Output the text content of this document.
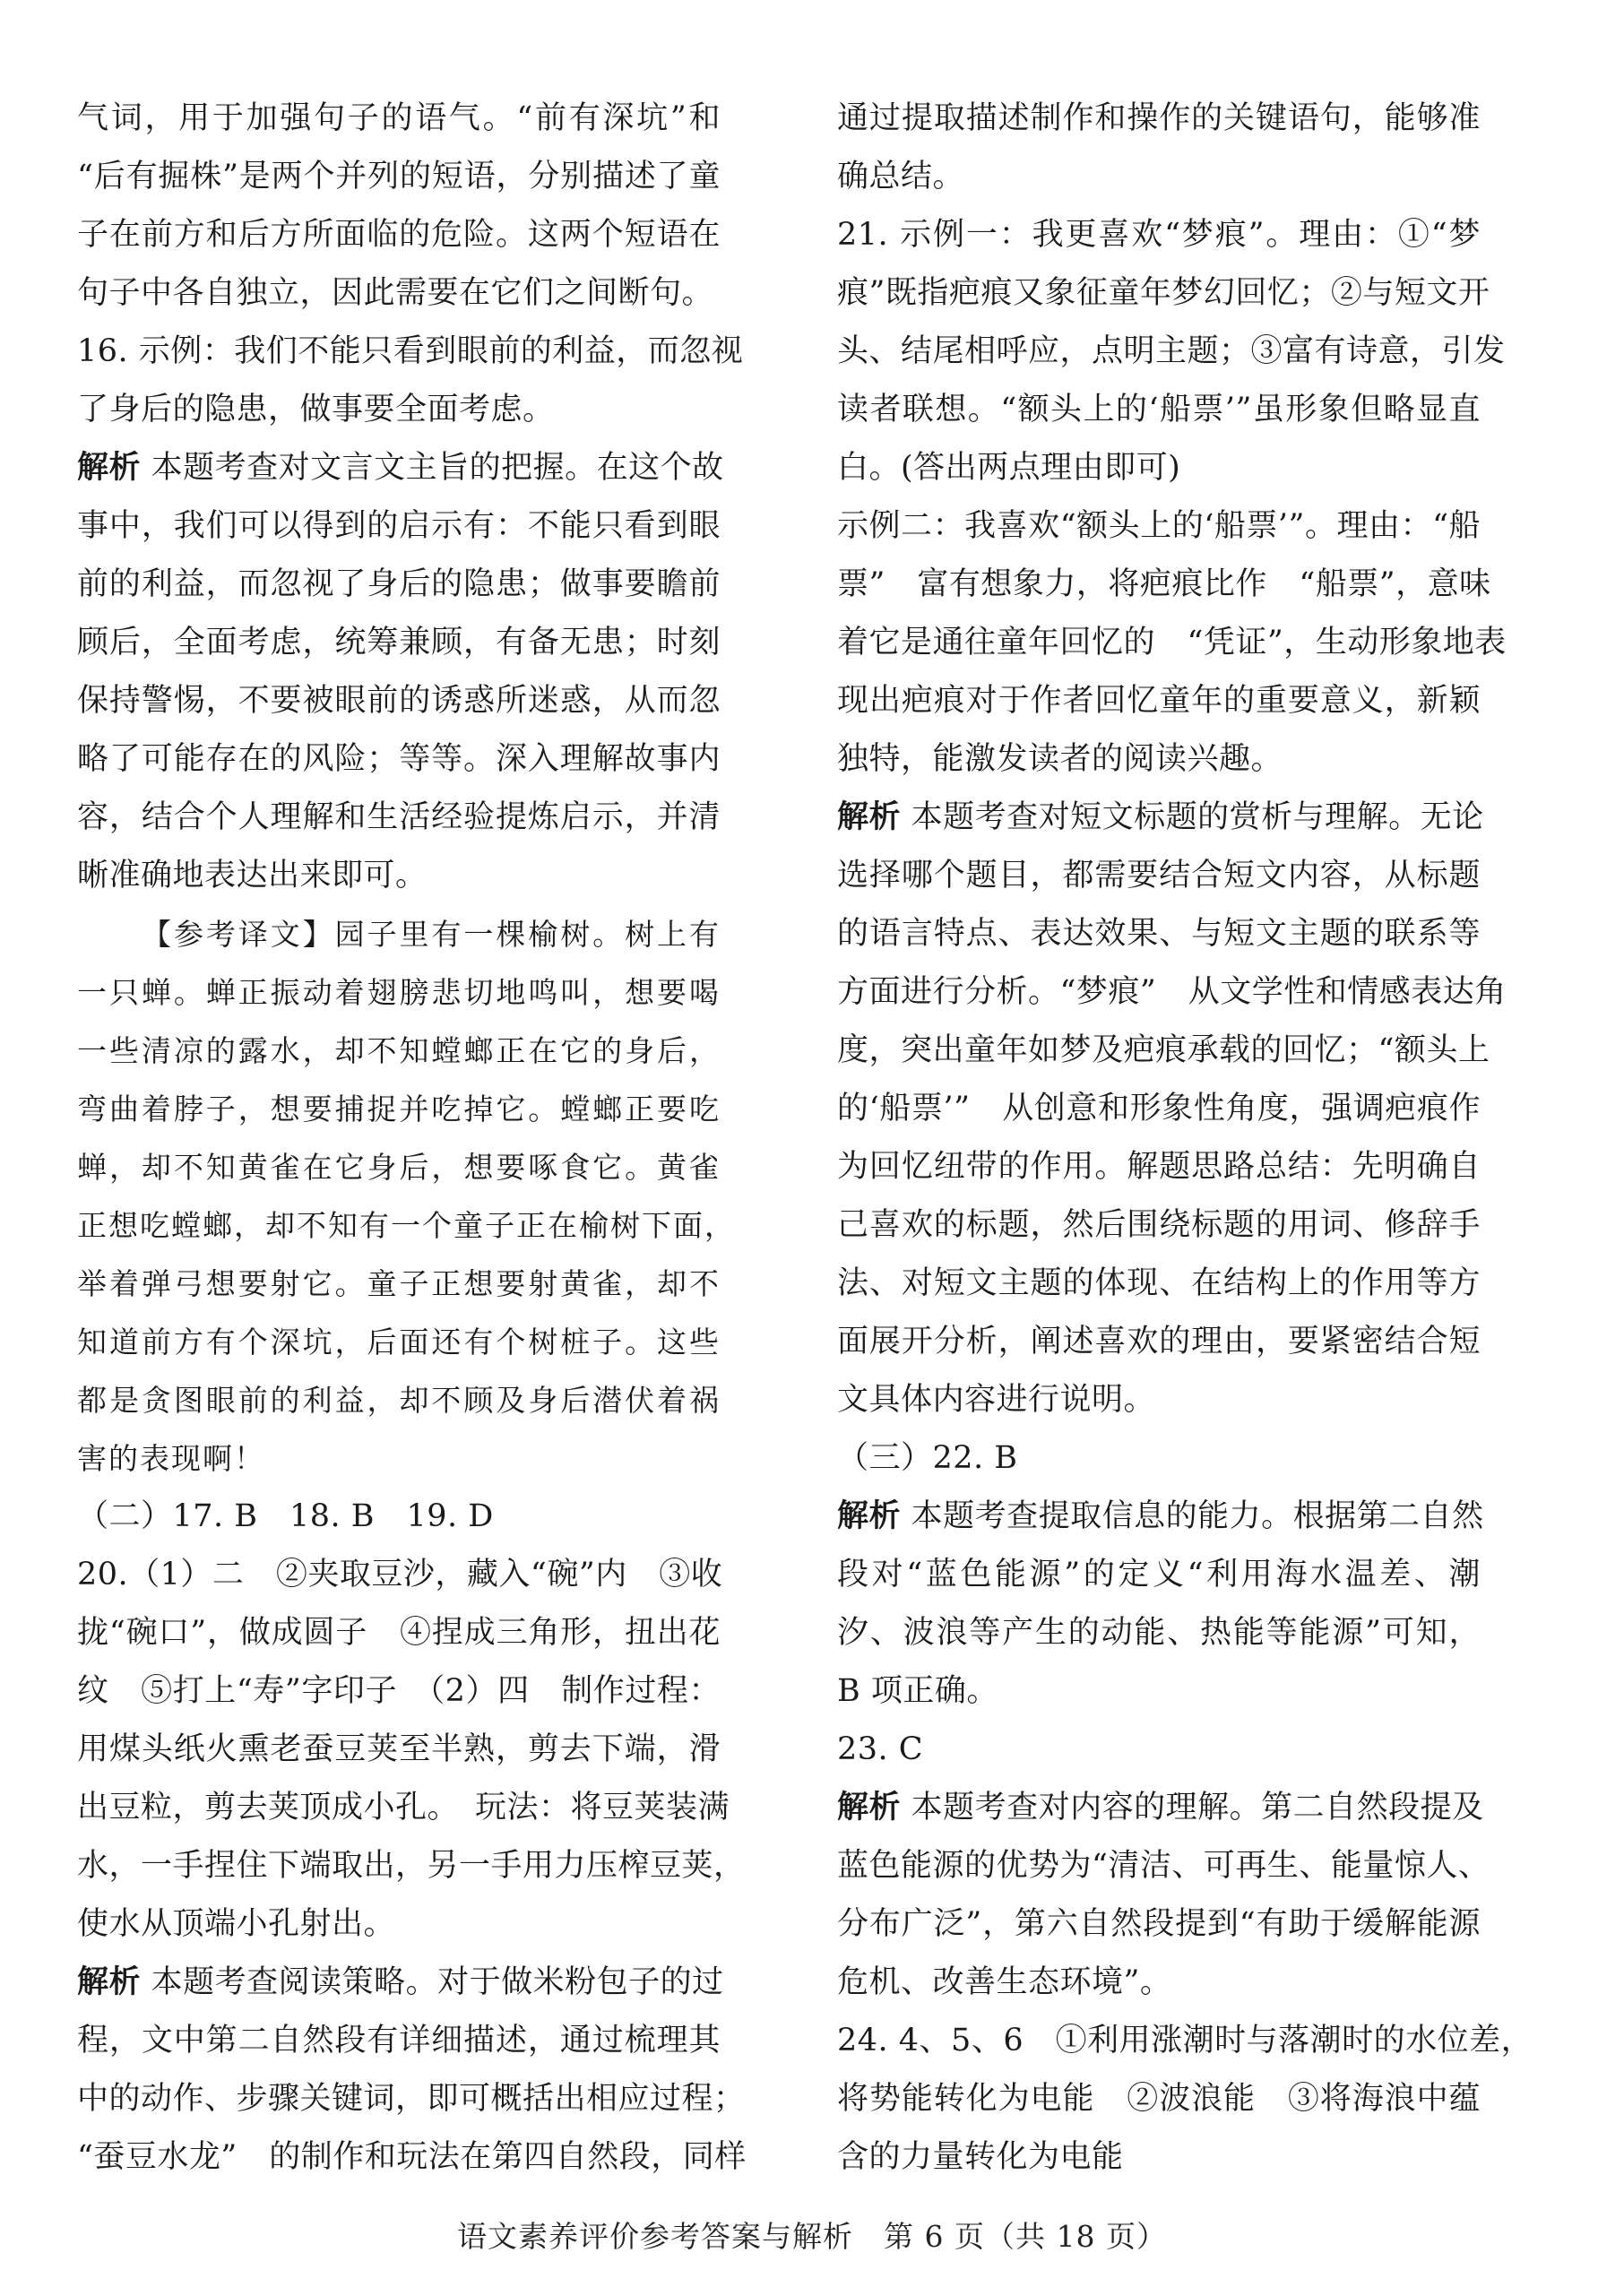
气词，用于加强句子的语气。“前有深坑”和
“后有掘株”是两个并列的短语，分别描述了童
子在前方和后方所面临的危险。这两个短语在
句子中各自独立，因此需要在它们之间断句。
16. 示例：我们不能只看到眼前的利益，而忽视
了身后的隐患，做事要全面考虑。
解析 本题考查对文言文主旨的把握。在这个故
事中，我们可以得到的启示有：不能只看到眼
前的利益，而忽视了身后的隐患；做事要瞻前
顾后，全面考虑，统筹兼顾，有备无患；时刻
保持警惕，不要被眼前的诱惑所迷惑，从而忽
略了可能存在的风险；等等。深入理解故事内
容，结合个人理解和生活经验提炼启示，并清
晰准确地表达出来即可。
【参考译文】园子里有一棵榆树。树上有
一只蝉。蝉正振动着翅膀悲切地鸣叫，想要喝
一些清凉的露水，却不知螳螂正在它的身后，
弯曲着脖子，想要捕捉并吃掉它。螳螂正要吃
蝉，却不知黄雀在它身后，想要啄食它。黄雀
正想吃螳螂，却不知有一个童子正在榆树下面，
举着弹弓想要射它。童子正想要射黄雀，却不
知道前方有个深坑，后面还有个树桩子。这些
都是贪图眼前的利益，却不顾及身后潜伏着祸
害的表现啊！
（二）17. B　18. B　19. D
20.（1）二　②夹取豆沙，藏入“碗”内　③收
拢“碗口”，做成圆子　④捏成三角形，扭出花
纹　⑤打上“寿”字印子　（2）四　制作过程：
用煤头纸火熏老蚕豆荚至半熟，剪去下端，滑
出豆粒，剪去荚顶成小孔。　玩法：将豆荚装满
水，一手捏住下端取出，另一手用力压榨豆荚，
使水从顶端小孔射出。
解析 本题考查阅读策略。对于做米粉包子的过
程，文中第二自然段有详细描述，通过梳理其
中的动作、步骤关键词，即可概括出相应过程；
“蚕豆水龙”　的制作和玩法在第四自然段，同样
通过提取描述制作和操作的关键语句，能够准
确总结。
21. 示例一：我更喜欢“梦痕”。理由：①“梦
痕”既指疤痕又象征童年梦幻回忆；②与短文开
头、结尾相呼应，点明主题；③富有诗意，引发
读者联想。“额头上的‘船票’”虽形象但略显直
白。(答出两点理由即可)
示例二：我喜欢“额头上的‘船票’”。理由：“船
票”　富有想象力，将疤痕比作　“船票”，意味
着它是通往童年回忆的　“凭证”，生动形象地表
现出疤痕对于作者回忆童年的重要意义，新颖
独特，能激发读者的阅读兴趣。
解析 本题考查对短文标题的赏析与理解。无论
选择哪个题目，都需要结合短文内容，从标题
的语言特点、表达效果、与短文主题的联系等
方面进行分析。“梦痕”　从文学性和情感表达角
度，突出童年如梦及疤痕承载的回忆；“额头上
的‘船票’”　从创意和形象性角度，强调疤痕作
为回忆纽带的作用。解题思路总结：先明确自
己喜欢的标题，然后围绕标题的用词、修辞手
法、对短文主题的体现、在结构上的作用等方
面展开分析，阐述喜欢的理由，要紧密结合短
文具体内容进行说明。
（三）22. B
解析 本题考查提取信息的能力。根据第二自然
段对“蓝色能源”的定义“利用海水温差、潮
汐、波浪等产生的动能、热能等能源”可知，
B 项正确。
23. C
解析 本题考查对内容的理解。第二自然段提及
蓝色能源的优势为“清洁、可再生、能量惊人、
分布广泛”，第六自然段提到“有助于缓解能源
危机、改善生态环境”。
24. 4、5、6　①利用涨潮时与落潮时的水位差，
将势能转化为电能　②波浪能　③将海浪中蕴
含的力量转化为电能
语文素养评价参考答案与解析　第 6 页（共 18 页）
